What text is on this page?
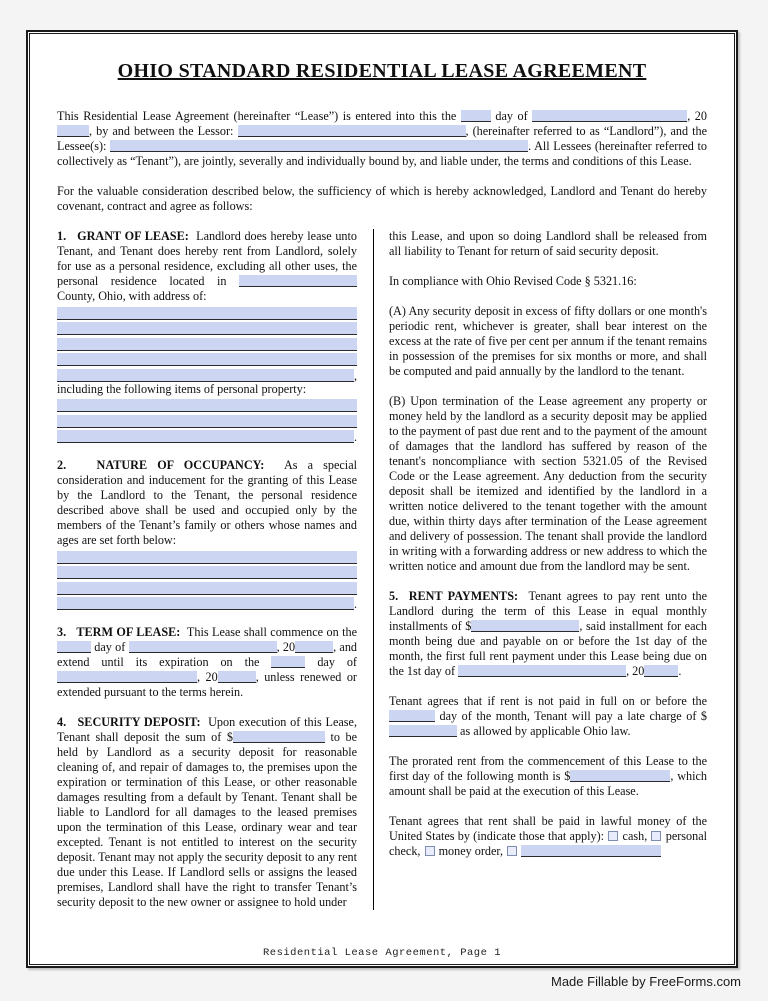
OHIO STANDARD RESIDENTIAL LEASE AGREEMENT

This Residential Lease Agreement (hereinafter “Lease”) is entered into this the  day of	, 20, by and between the Lessor:	, (hereinafter referred to as “Landlord”), and the Lessee(s):	. All Lessees (hereinafter referred to collectively as “Tenant”), are jointly, severally and individually bound by, and liable under, the terms and conditions of this Lease.

For the valuable consideration described below, the sufficiency of which is hereby acknowledged, Landlord and Tenant do hereby covenant, contract and agree as follows:

1.   GRANT OF LEASE:  Landlord does hereby lease unto Tenant, and Tenant does hereby rent from Landlord, solely for use as a personal residence, excluding all other uses, the personal residence located in  County, Ohio, with address of:

,

including the following items of personal property:

.

2.   NATURE OF OCCUPANCY:  As a special consideration and inducement for the granting of this Lease by the Landlord to the Tenant, the personal residence described above shall be used and occupied only by the members of the Tenant’s family or others whose names and ages are set forth below:

.

3.   TERM OF LEASE:  This Lease shall commence on the  day of	, 20	, and extend until its expiration on the	day of , 20	, unless renewed or extended pursuant to the terms herein.

4.   SECURITY DEPOSIT:  Upon execution of this Lease, Tenant shall deposit the sum of $	to be held by Landlord as a security deposit for reasonable cleaning of, and repair of damages to, the premises upon the expiration or termination of this Lease, or other reasonable damages resulting from a default by Tenant. Tenant shall be liable to Landlord for all damages to the leased premises upon the termination of this Lease, ordinary wear and tear excepted. Tenant is not entitled to interest on the security deposit. Tenant may not apply the security deposit to any rent due under this Lease. If Landlord sells or assigns the leased premises, Landlord shall have the right to transfer Tenant’s security deposit to the new owner or assignee to hold under

this Lease, and upon so doing Landlord shall be released from all liability to Tenant for return of said security deposit.

In compliance with Ohio Revised Code § 5321.16:

(A) Any security deposit in excess of fifty dollars or one month's periodic rent, whichever is greater, shall bear interest on the excess at the rate of five per cent per annum if the tenant remains in possession of the premises for six months or more, and shall be computed and paid annually by the landlord to the tenant.

(B) Upon termination of the Lease agreement any property or money held by the landlord as a security deposit may be applied to the payment of past due rent and to the payment of the amount of damages that the landlord has suffered by reason of the tenant's noncompliance with section 5321.05 of the Revised Code or the Lease agreement. Any deduction from the security deposit shall be itemized and identified by the landlord in a written notice delivered to the tenant together with the amount due, within thirty days after termination of the Lease agreement and delivery of possession. The tenant shall provide the landlord in writing with a forwarding address or new address to which the written notice and amount due from the landlord may be sent.

5.  RENT PAYMENTS:  Tenant agrees to pay rent unto the Landlord during the term of this Lease in equal monthly installments of $	, said installment for each month being due and payable on or before the 1st day of the month, the first full rent payment under this Lease being due on the 1st day of	, 20	.

Tenant agrees that if rent is not paid in full on or before the  day of the month, Tenant will pay a late charge of $ as allowed by applicable Ohio law.

The prorated rent from the commencement of this Lease to the first day of the following month is $	, which amount shall be paid at the execution of this Lease.

Tenant agrees that rent shall be paid in lawful money of the United States by (indicate those that apply):  cash,  personal check,  money order,

Residential Lease Agreement, Page 1
Made Fillable by FreeForms.com
